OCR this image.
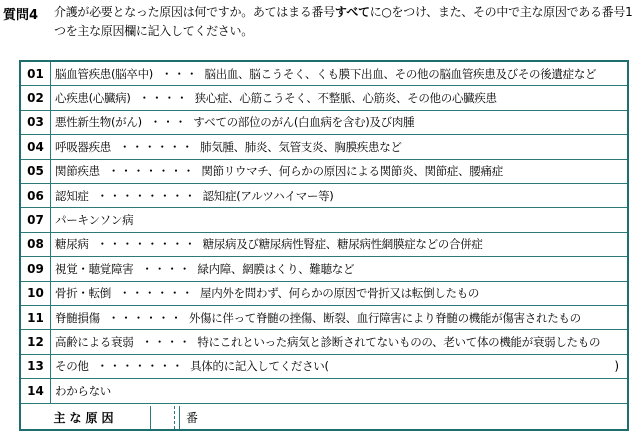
質問4 介護が必要となった原因は何ですか。あてはまる番号すべてに○をつけ、また、その中で主な原因である番号1つを主な原因欄に記入してください。
14 わからない
13 その他 ・・・・・・・ 具体的に記入してください(	)
12 高齢による衰弱 ・・・・ 特にこれといった病気と診断されてないものの、老いて体の機能が衰弱したもの
11 脊髄損傷 ・・・・・・ 外傷に伴って脊髄の挫傷、断裂、血行障害により脊髄の機能が傷害されたもの
10 骨折・転倒 ・・・・・・ 屋内外を問わず、何らかの原因で骨折又は転倒したもの
09 視覚・聴覚障害 ・・・・ 緑内障、網膜はくり、難聴など
08 糖尿病 ・・・・・・・・ 糖尿病及び糖尿病性腎症、糖尿病性網膜症などの合併症
07 パーキンソン病
06 認知症 ・・・・・・・・ 認知症(アルツハイマー等)
05 関節疾患 ・・・・・・・ 関節リウマチ、何らかの原因による関節炎、関節症、腰痛症
04 呼吸器疾患 ・・・・・・ 肺気腫、肺炎、気管支炎、胸膜疾患など
03 悪性新生物(がん) ・・・ すべての部位のがん(白血病を含む)及び肉腫
02 心疾患(心臓病) ・・・・ 狭心症、心筋こうそく、不整脈、心筋炎、その他の心臓疾患
01 脳血管疾患(脳卒中) ・・・ 脳出血、脳こうそく、くも膜下出血、その他の脳血管疾患及びその後遺症など
主な原因	番
